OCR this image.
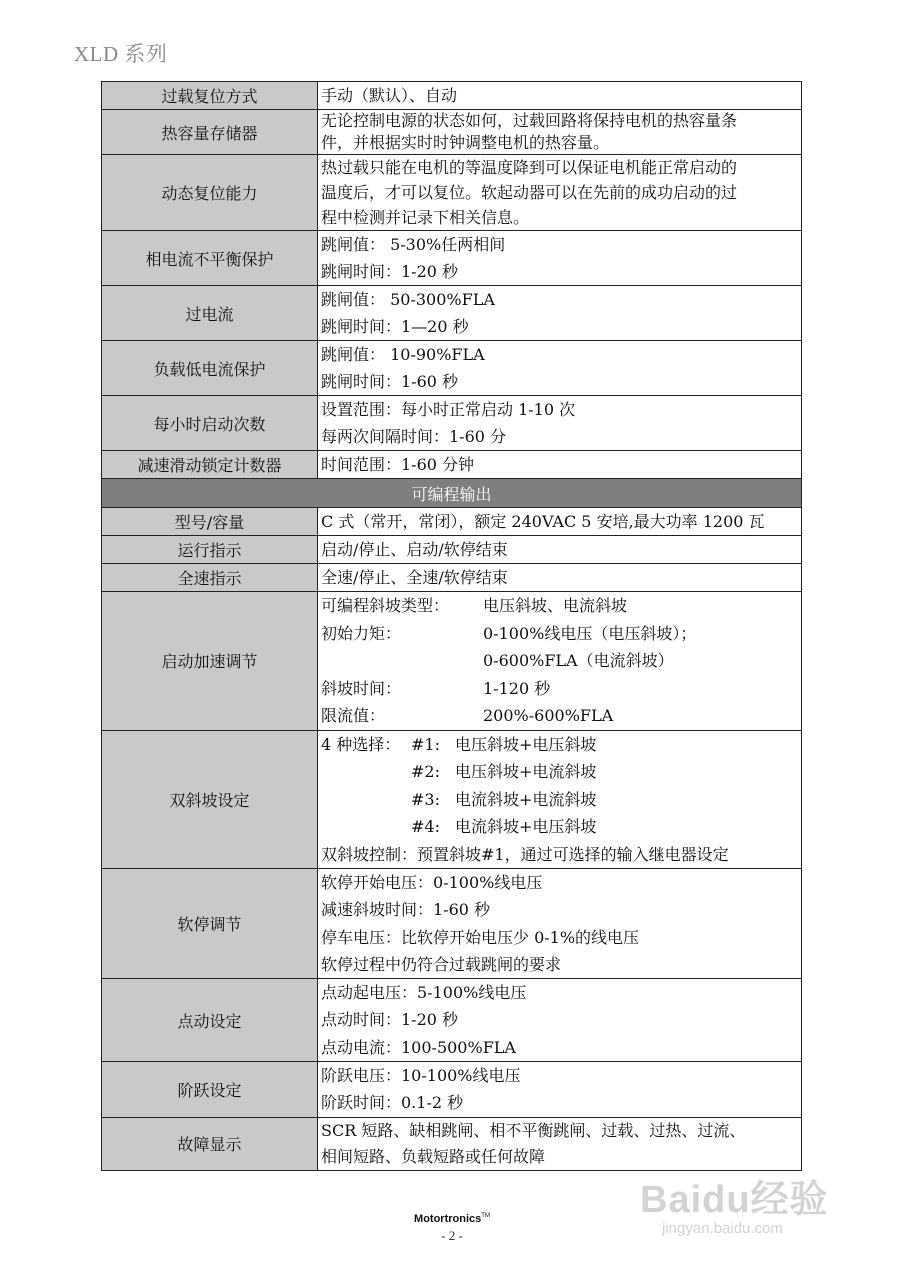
XLD 系列
过载复位方式	手动（默认）、自动

热容量存储器	无论控制电源的状态如何，过载回路将保持电机的热容量条
件，并根据实时时钟调整电机的热容量。

动态复位能力	热过载只能在电机的等温度降到可以保证电机能正常启动的
温度后，才可以复位。软起动器可以在先前的成功启动的过
程中检测并记录下相关信息。

相电流不平衡保护	跳闸值： 5-30%任两相间
跳闸时间：1-20 秒

过电流	跳闸值： 50-300%FLA
跳闸时间：1—20 秒

负载低电流保护	跳闸值： 10-90%FLA
跳闸时间：1-60 秒

每小时启动次数	设置范围：每小时正常启动 1-10 次
每两次间隔时间：1-60 分

减速滑动锁定计数器	时间范围：1-60 分钟

可编程输出	
型号/容量	C 式（常开，常闭），额定 240VAC 5 安培,最大功率 1200 瓦

运行指示	启动/停止、启动/软停结束

全速指示	全速/停止、全速/软停结束

启动加速调节	可编程斜坡类型： 电压斜坡、电流斜坡
初始力矩： 0-100%线电压（电压斜坡）；
0-600%FLA（电流斜坡）
斜坡时间： 1-120 秒
限流值： 200%-600%FLA

双斜坡设定	4 种选择： #1: 电压斜坡+电压斜坡
#2: 电压斜坡+电流斜坡
#3: 电流斜坡+电流斜坡
#4: 电流斜坡+电压斜坡
双斜坡控制：预置斜坡#1，通过可选择的输入继电器设定

软停调节	软停开始电压：0-100%线电压
减速斜坡时间：1-60 秒
停车电压：比软停开始电压少 0-1%的线电压
软停过程中仍符合过载跳闸的要求

点动设定	点动起电压：5-100%线电压
点动时间：1-20 秒
点动电流：100-500%FLA

阶跃设定	阶跃电压：10-100%线电压
阶跃时间：0.1-2 秒

故障显示	SCR 短路、缺相跳闸、相不平衡跳闸、过载、过热、过流、
相间短路、负载短路或任何故障
Motortronics™
- 2 -
Baidu经验
jingyan.baidu.com
